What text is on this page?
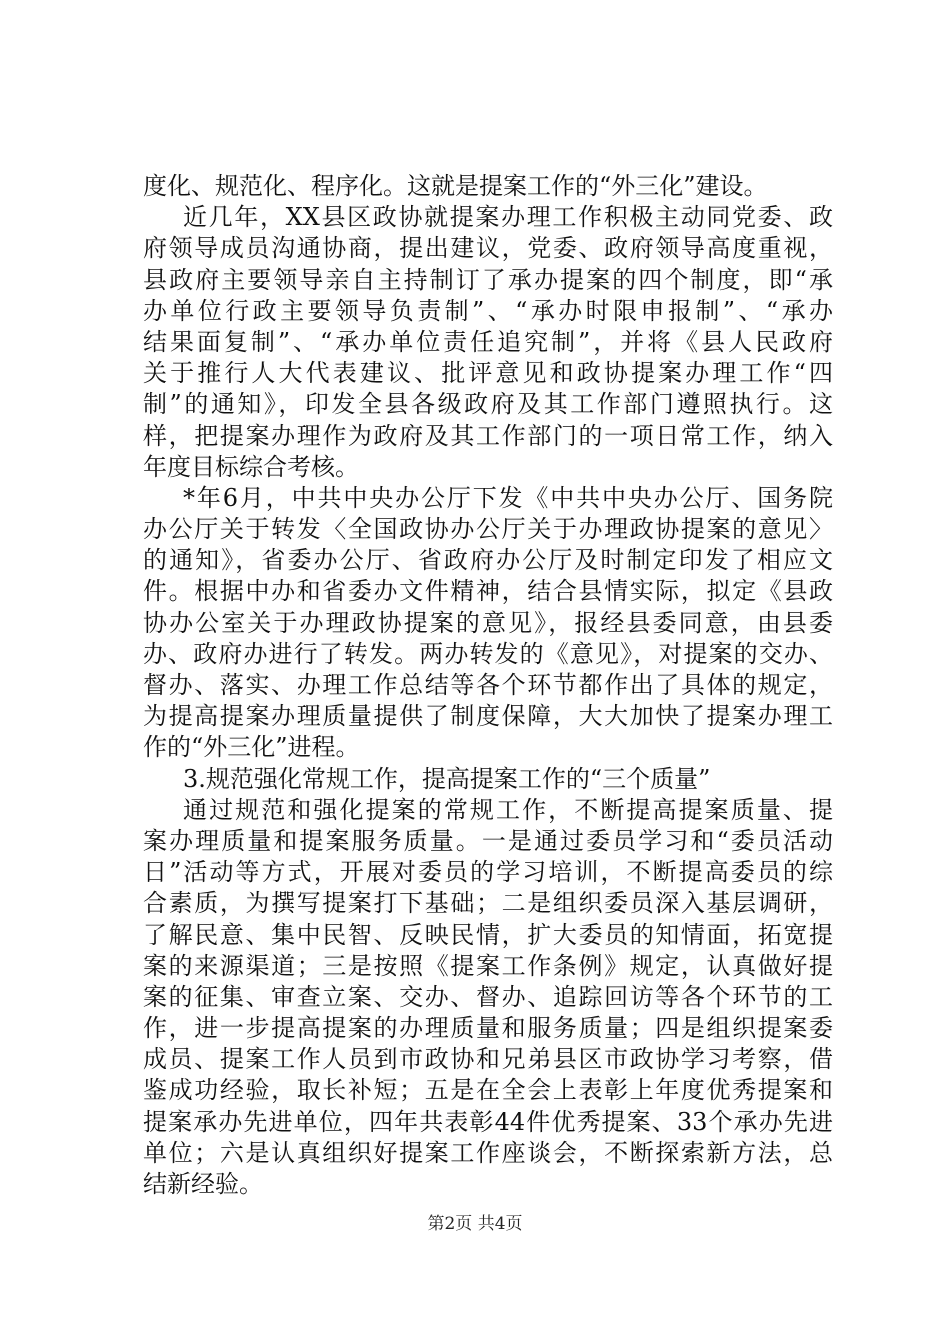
度化、规范化、程序化。这就是提案工作的“外三化”建设。
近几年，XX县区政协就提案办理工作积极主动同党委、政
府领导成员沟通协商，提出建议，党委、政府领导高度重视，
县政府主要领导亲自主持制订了承办提案的四个制度，即“承
办单位行政主要领导负责制”、“承办时限申报制”、“承办
结果面复制”、“承办单位责任追究制”，并将《县人民政府
关于推行人大代表建议、批评意见和政协提案办理工作“四
制”的通知》，印发全县各级政府及其工作部门遵照执行。这
样，把提案办理作为政府及其工作部门的一项日常工作，纳入
年度目标综合考核。
*年6月，中共中央办公厅下发《中共中央办公厅、国务院
办公厅关于转发〈全国政协办公厅关于办理政协提案的意见〉
的通知》，省委办公厅、省政府办公厅及时制定印发了相应文
件。根据中办和省委办文件精神，结合县情实际，拟定《县政
协办公室关于办理政协提案的意见》，报经县委同意，由县委
办、政府办进行了转发。两办转发的《意见》，对提案的交办、
督办、落实、办理工作总结等各个环节都作出了具体的规定，
为提高提案办理质量提供了制度保障，大大加快了提案办理工
作的“外三化”进程。
3.规范强化常规工作，提高提案工作的“三个质量”
通过规范和强化提案的常规工作，不断提高提案质量、提
案办理质量和提案服务质量。一是通过委员学习和“委员活动
日”活动等方式，开展对委员的学习培训，不断提高委员的综
合素质，为撰写提案打下基础；二是组织委员深入基层调研，
了解民意、集中民智、反映民情，扩大委员的知情面，拓宽提
案的来源渠道；三是按照《提案工作条例》规定，认真做好提
案的征集、审查立案、交办、督办、追踪回访等各个环节的工
作，进一步提高提案的办理质量和服务质量；四是组织提案委
成员、提案工作人员到市政协和兄弟县区市政协学习考察，借
鉴成功经验，取长补短；五是在全会上表彰上年度优秀提案和
提案承办先进单位，四年共表彰44件优秀提案、33个承办先进
单位；六是认真组织好提案工作座谈会，不断探索新方法，总
结新经验。
第2页 共4页
